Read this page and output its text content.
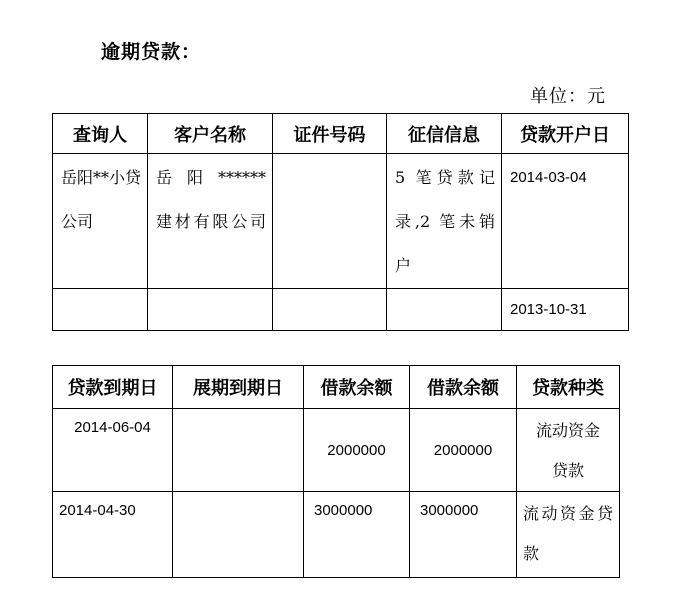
逾期贷款：
单位：元
查询人	客户名称	证件号码	征信信息	贷款开户日

岳阳**小贷公司	岳 阳 ****** 建材有限公司		5 笔贷款记录,2 笔未销户	2014-03-04

				2013-10-31
贷款到期日	展期到期日	借款余额	借款余额	贷款种类

2014-06-04		2000000	2000000	流动资金贷款

2014-04-30		3000000	3000000	流动资金贷款
